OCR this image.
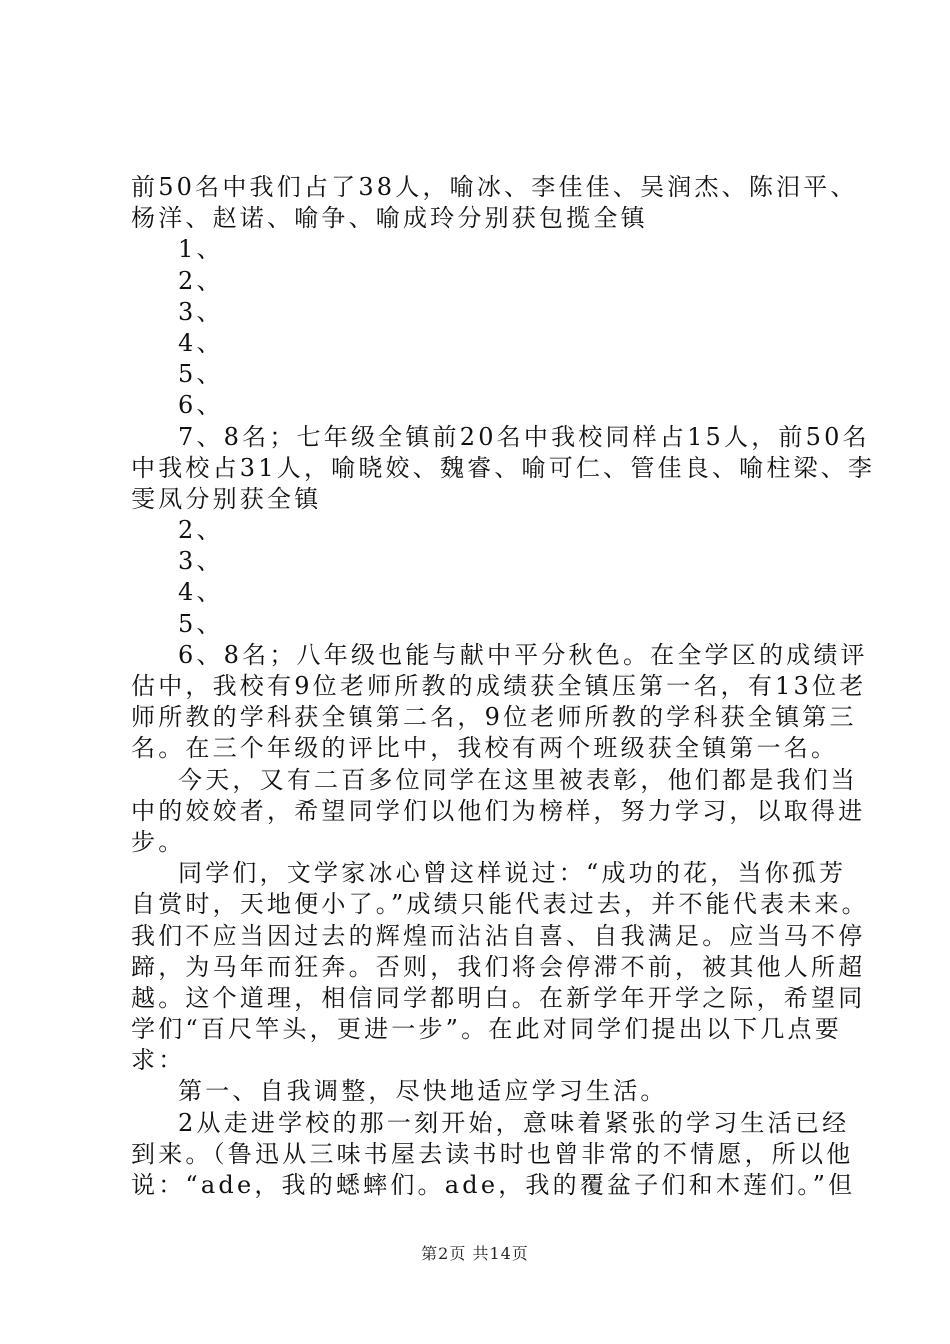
前50名中我们占了38人，喻冰、李佳佳、吴润杰、陈汨平、
杨洋、赵诺、喻争、喻成玲分别获包揽全镇
1、
2、
3、
4、
5、
6、
7、8名；七年级全镇前20名中我校同样占15人，前50名
中我校占31人，喻晓姣、魏睿、喻可仁、管佳良、喻柱梁、李
雯凤分别获全镇
2、
3、
4、
5、
6、8名；八年级也能与献中平分秋色。在全学区的成绩评
估中，我校有9位老师所教的成绩获全镇压第一名，有13位老
师所教的学科获全镇第二名，9位老师所教的学科获全镇第三
名。在三个年级的评比中，我校有两个班级获全镇第一名。
今天，又有二百多位同学在这里被表彰，他们都是我们当
中的姣姣者，希望同学们以他们为榜样，努力学习，以取得进
步。
同学们，文学家冰心曾这样说过：“成功的花，当你孤芳
自赏时，天地便小了。”成绩只能代表过去，并不能代表未来。
我们不应当因过去的辉煌而沾沾自喜、自我满足。应当马不停
蹄，为马年而狂奔。否则，我们将会停滞不前，被其他人所超
越。这个道理，相信同学都明白。在新学年开学之际，希望同
学们“百尺竿头，更进一步”。在此对同学们提出以下几点要
求：
第一、自我调整，尽快地适应学习生活。
2从走进学校的那一刻开始，意味着紧张的学习生活已经
到来。（鲁迅从三味书屋去读书时也曾非常的不情愿，所以他
说：“ade，我的蟋蟀们。ade，我的覆盆子们和木莲们。”但
第2页 共14页
